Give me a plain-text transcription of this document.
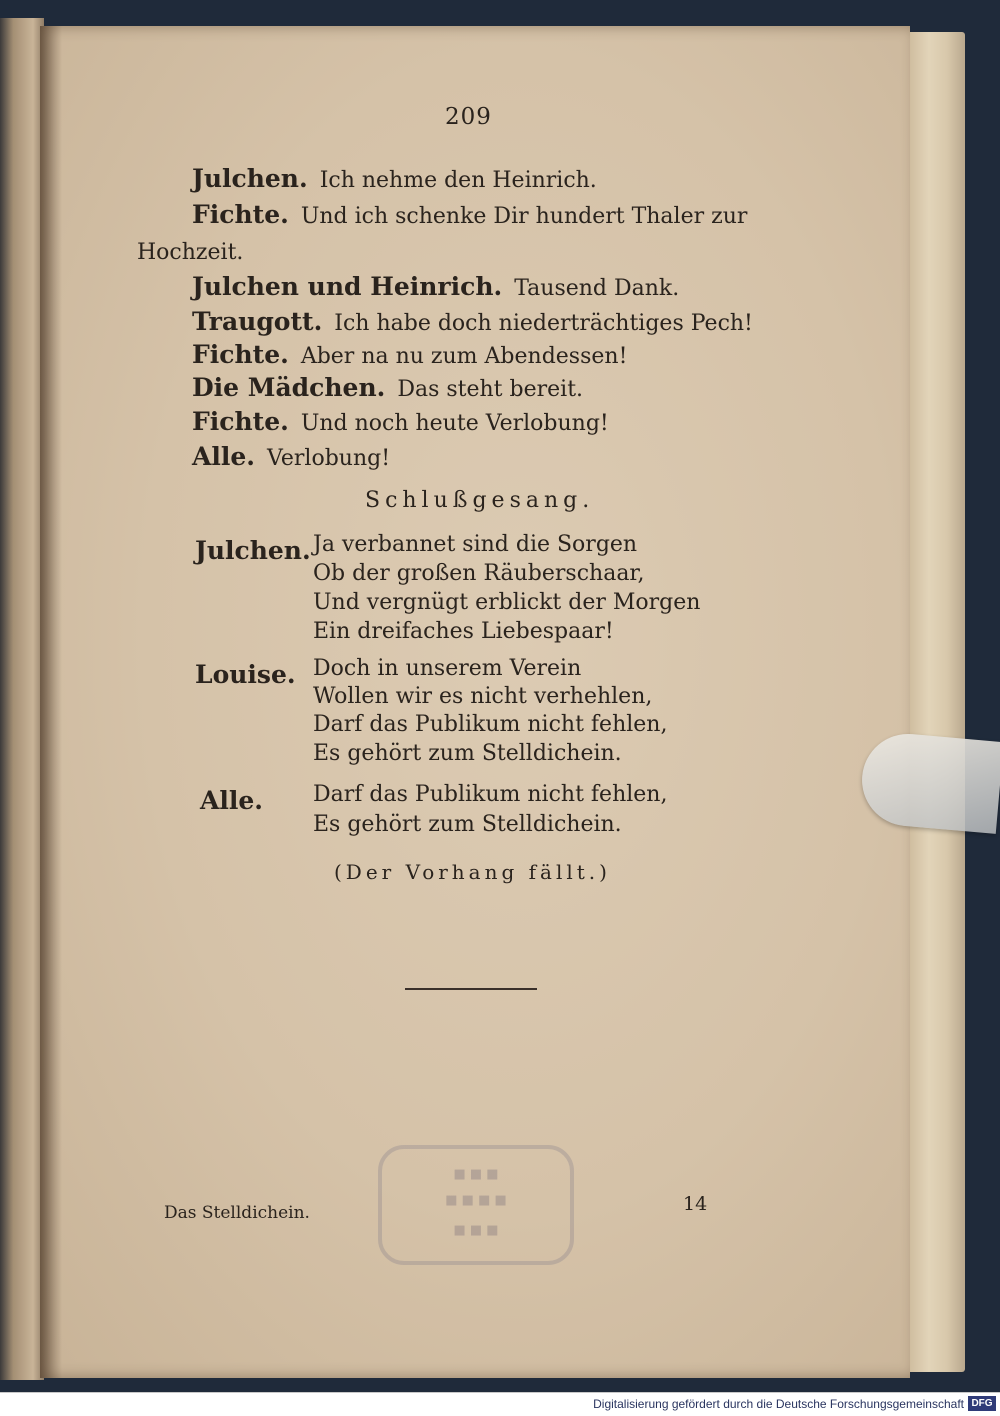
209
Julchen. Ich nehme den Heinrich.
Fichte. Und ich schenke Dir hundert Thaler zur
Hochzeit.
Julchen und Heinrich. Tausend Dank.
Traugott. Ich habe doch niederträchtiges Pech!
Fichte. Aber na nu zum Abendessen!
Die Mädchen. Das steht bereit.
Fichte. Und noch heute Verlobung!
Alle. Verlobung!
Schlußgesang.
Julchen. Ja verbannet sind die Sorgen
Ob der großen Räuberschaar,
Und vergnügt erblickt der Morgen
Ein dreifaches Liebespaar!
Louise. Doch in unserem Verein
Wollen wir es nicht verhehlen,
Darf das Publikum nicht fehlen,
Es gehört zum Stelldichein.
Alle. Darf das Publikum nicht fehlen,
Es gehört zum Stelldichein.
(Der Vorhang fällt.)
■ ■ ■
■ ■ ■ ■
■ ■ ■
Das Stelldichein.	14
Digitalisierung gefördert durch die Deutsche Forschungsgemeinschaft DFG
